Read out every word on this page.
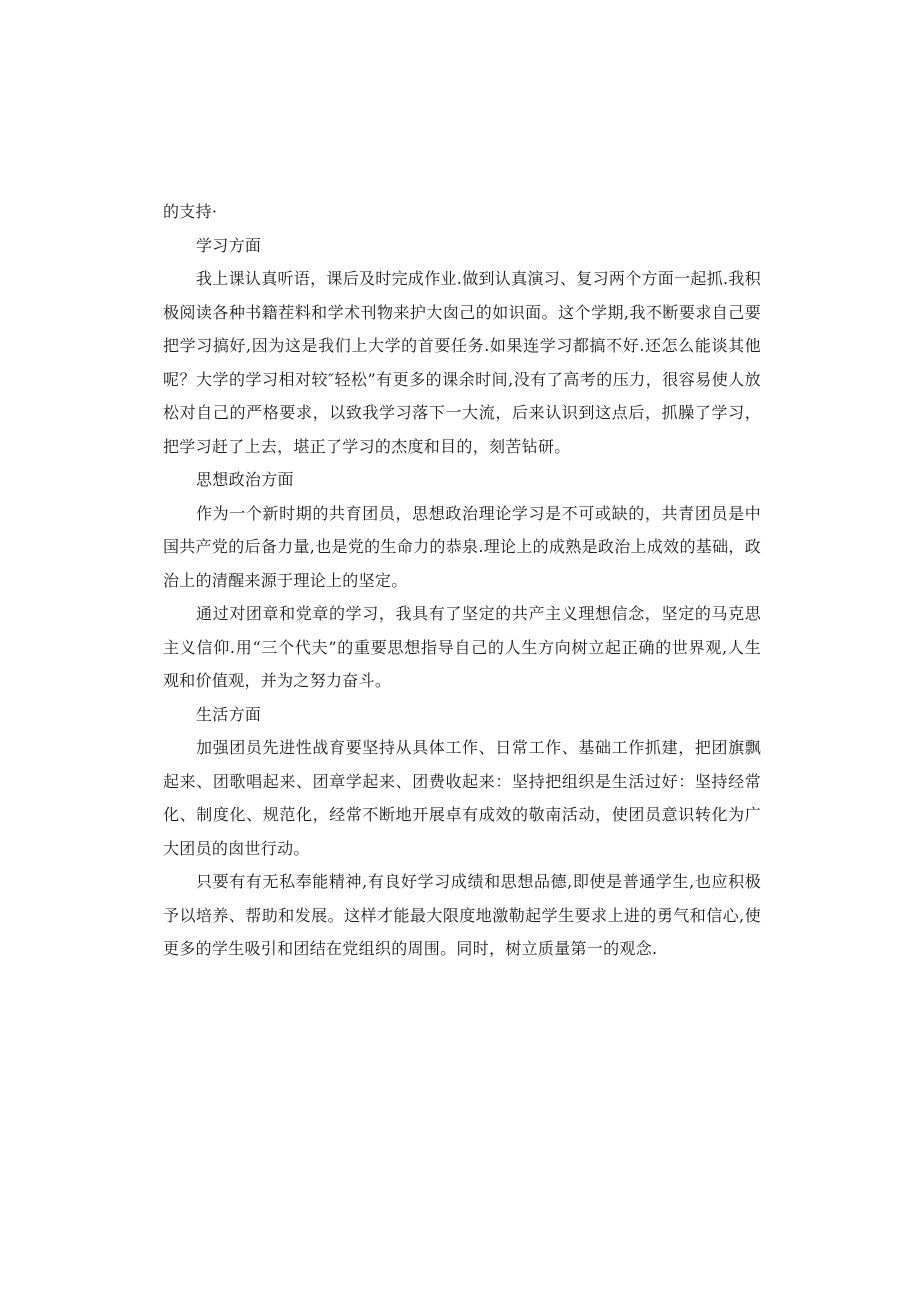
的支持·

学习方面

我上课认真听语，课后及时完成作业.做到认真演习、复习两个方面一起抓.我积极阅读各种书籍茬料和学术刊物来护大囱己的如识面。这个学期,我不断要求自己要把学习搞好,因为这是我们上大学的首要任务.如果连学习都搞不好.还怎么能谈其他呢？大学的学习相对较″轻松”有更多的课余时间,没有了高考的压力，很容易使人放松对自己的严格要求，以致我学习落下一大流，后来认识到这点后，抓臊了学习，把学习赶了上去，堪正了学习的杰度和目的，刻苦钻研。

思想政治方面

作为一个新时期的共育团员，思想政治理论学习是不可或缺的，共青团员是中国共产党的后备力量,也是党的生命力的恭泉.理论上的成熟是政治上成效的基础，政治上的清醒来源于理论上的坚定。

通过对团章和党章的学习，我具有了坚定的共产主义理想信念，坚定的马克思主义信仰.用“三个代夫”的重要思想指导自己的人生方向树立起正确的世界观,人生观和价值观，并为之努力奋斗。

生活方面

加强团员先进性战育要坚持从具体工作、日常工作、基础工作抓建，把团旗飘起来、团歌唱起来、团章学起来、团费收起来：坚持把组织是生活过好：坚持经常化、制度化、规范化，经常不断地开展卓有成效的敬南活动，使团员意识转化为广大团员的囱世行动。

只要有有无私奉能精神,有良好学习成绩和思想品德,即使是普通学生,也应积极予以培养、帮助和发展。这样才能最大限度地激勒起学生要求上进的勇气和信心,使更多的学生吸引和团结在党组织的周围。同时，树立质量第一的观念.
